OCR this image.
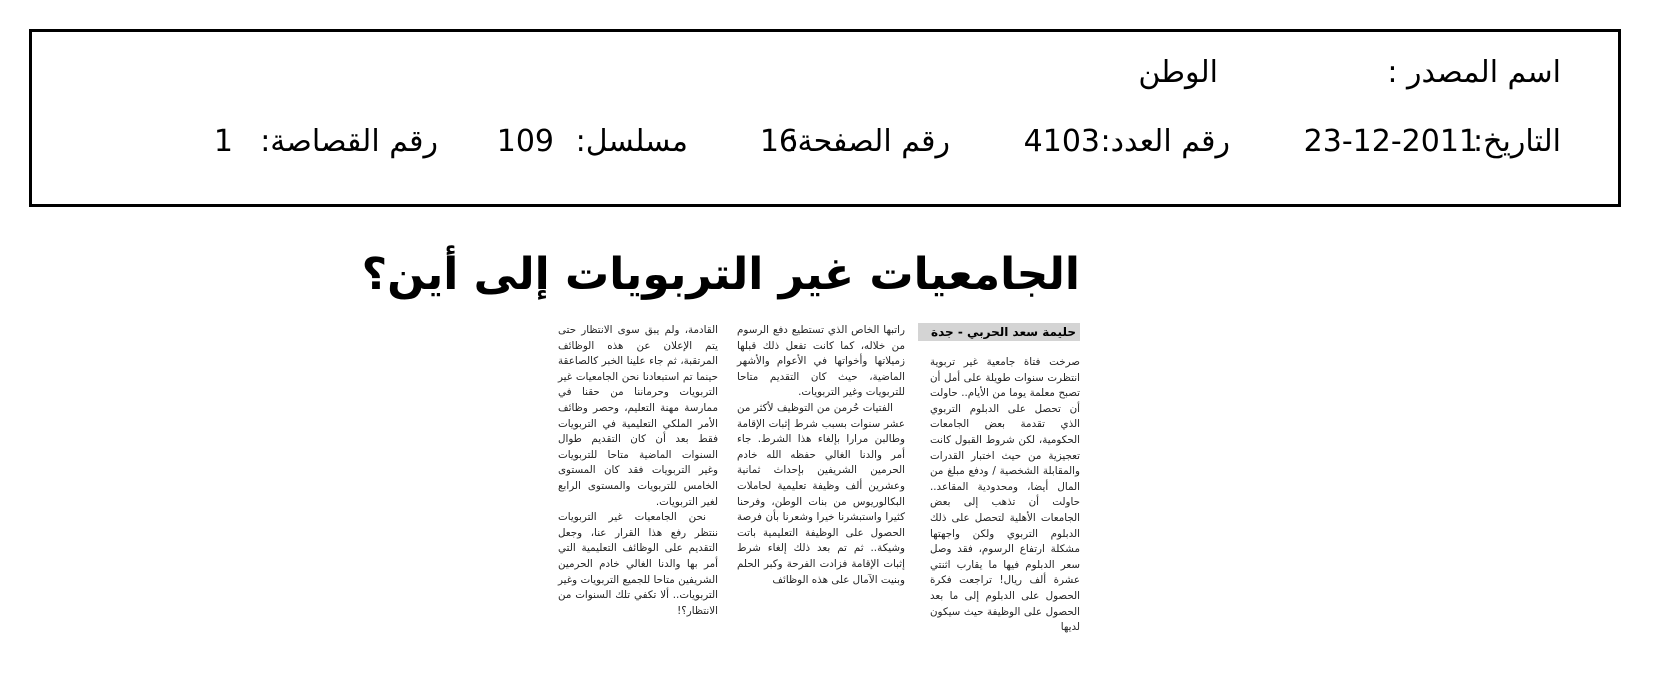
اسم المصدر :
الوطن
23-12-2011
التاريخ:
4103 رقم العدد:
16
رقم الصفحة:
109 مسلسل:
1 رقم القصاصة:
الجامعيات غير التربويات إلى أين؟
حليمة سعد الحربي - جدة

صرخت فتاة جامعية غير تربوية انتظرت سنوات طويلة على أمل أن تصبح معلمة يوما من الأيام.. حاولت أن تحصل على الدبلوم التربوي الذي تقدمة بعض الجامعات الحكومية، لكن شروط القبول كانت تعجيزية من حيث اختبار القدرات والمقابلة الشخصية / ودفع مبلغ من المال أيضا، ومحدودية المقاعد.. حاولت أن تذهب إلى بعض الجامعات الأهلية لتحصل على ذلك الدبلوم التربوي ولكن واجهتها مشكلة ارتفاع الرسوم، فقد وصل سعر الدبلوم فيها ما يقارب اثنتي عشرة ألف ريال! تراجعت فكرة الحصول على الدبلوم إلى ما بعد الحصول على الوظيفة حيث سيكون لديها

راتبها الخاص الذي تستطيع دفع الرسوم من خلاله، كما كانت تفعل ذلك قبلها زميلاتها وأخواتها في الأعوام والأشهر الماضية، حيث كان التقديم متاحا للتربويات وغير التربويات.

الفتيات حُرمن من التوظيف لأكثر من عشر سنوات بسبب شرط إثبات الإقامة وطالبن مرارا بإلغاء هذا الشرط. جاء أمر والدنا الغالي حفظه الله خادم الحرمين الشريفين بإحداث ثمانية وعشرين ألف وظيفة تعليمية لحاملات البكالوريوس من بنات الوطن، وفرحنا كثيرا واستبشرنا خيرا وشعرنا بأن فرصة الحصول على الوظيفة التعليمية باتت وشيكة.. ثم تم بعد ذلك إلغاء شرط إثبات الإقامة فزادت الفرحة وكبر الحلم وبنيت الآمال على هذه الوظائف

القادمة، ولم يبق سوى الانتظار حتى يتم الإعلان عن هذه الوظائف المرتقبة، ثم جاء علينا الخبر كالصاعقة حينما تم استبعادنا نحن الجامعيات غير التربويات وحرماننا من حقنا في ممارسة مهنة التعليم، وحصر وظائف الأمر الملكي التعليمية في التربويات فقط بعد أن كان التقديم طوال السنوات الماضية متاحا للتربويات وغير التربويات فقد كان المستوى الخامس للتربويات والمستوى الرابع لغير التربويات.

نحن الجامعيات غير التربويات ننتظر رفع هذا القرار عنا، وجعل التقديم على الوظائف التعليمية التي أمر بها والدنا الغالي خادم الحرمين الشريفين متاحا للجميع التربويات وغير التربويات.. ألا تكفي تلك السنوات من الانتظار؟!
